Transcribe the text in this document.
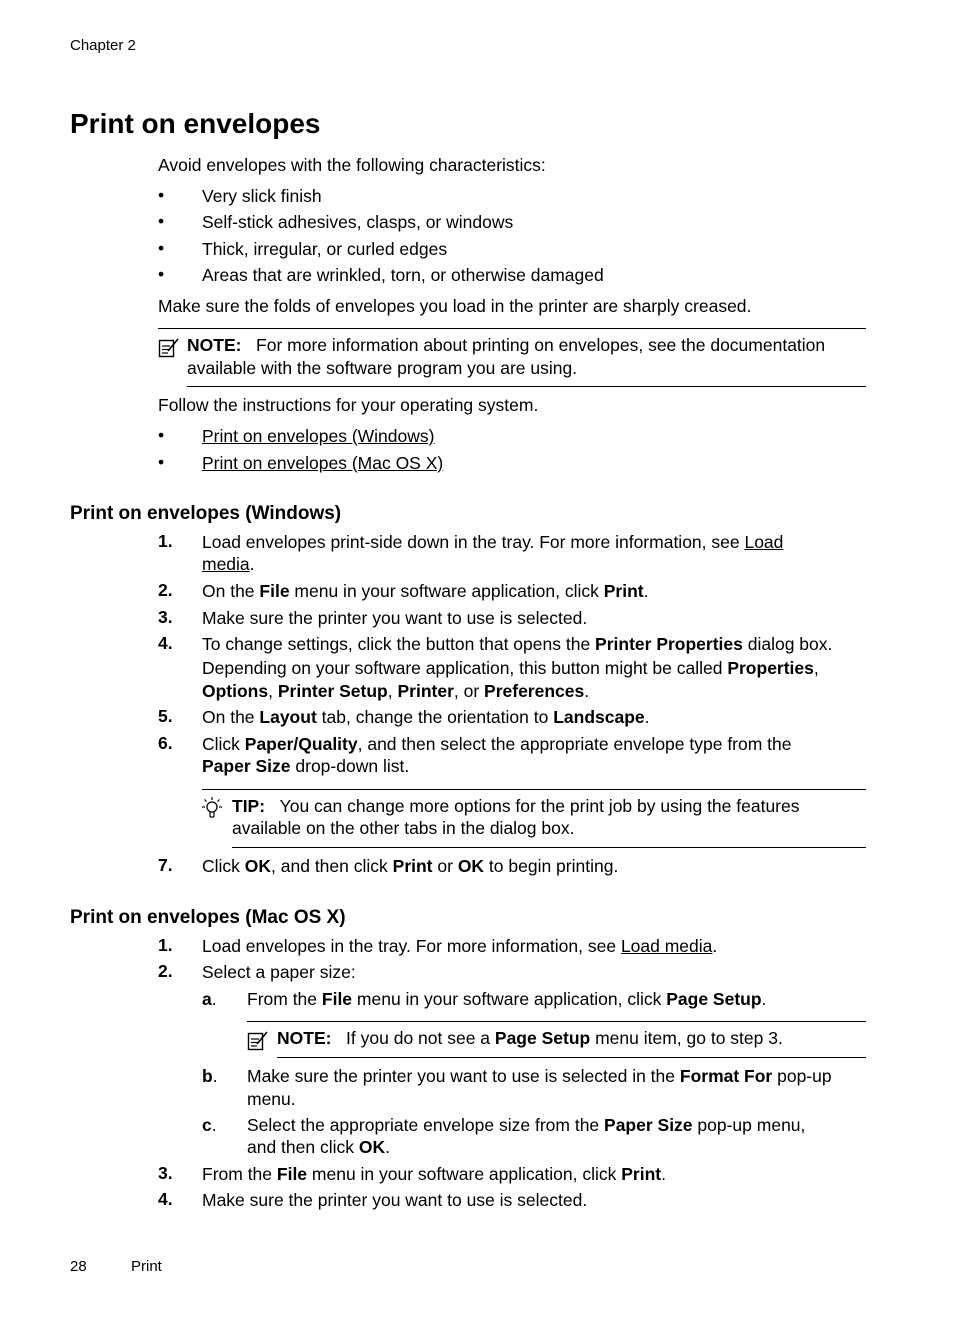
Chapter 2
Print on envelopes
Avoid envelopes with the following characteristics:
• Very slick finish
• Self-stick adhesives, clasps, or windows
• Thick, irregular, or curled edges
• Areas that are wrinkled, torn, or otherwise damaged
Make sure the folds of envelopes you load in the printer are sharply creased.
NOTE: For more information about printing on envelopes, see the documentation
available with the software program you are using.
Follow the instructions for your operating system.
• Print on envelopes (Windows)
• Print on envelopes (Mac OS X)
Print on envelopes (Windows)
1. Load envelopes print-side down in the tray. For more information, see Load
media.
2. On the File menu in your software application, click Print.
3. Make sure the printer you want to use is selected.
4. To change settings, click the button that opens the Printer Properties dialog box.
Depending on your software application, this button might be called Properties,
Options, Printer Setup, Printer, or Preferences.
5. On the Layout tab, change the orientation to Landscape.
6. Click Paper/Quality, and then select the appropriate envelope type from the
Paper Size drop-down list.
TIP: You can change more options for the print job by using the features
available on the other tabs in the dialog box.
7. Click OK, and then click Print or OK to begin printing.
Print on envelopes (Mac OS X)
1. Load envelopes in the tray. For more information, see Load media.
2. Select a paper size:
a. From the File menu in your software application, click Page Setup.
NOTE: If you do not see a Page Setup menu item, go to step 3.
b. Make sure the printer you want to use is selected in the Format For pop-up
menu.
c. Select the appropriate envelope size from the Paper Size pop-up menu,
and then click OK.
3. From the File menu in your software application, click Print.
4. Make sure the printer you want to use is selected.
28	Print
